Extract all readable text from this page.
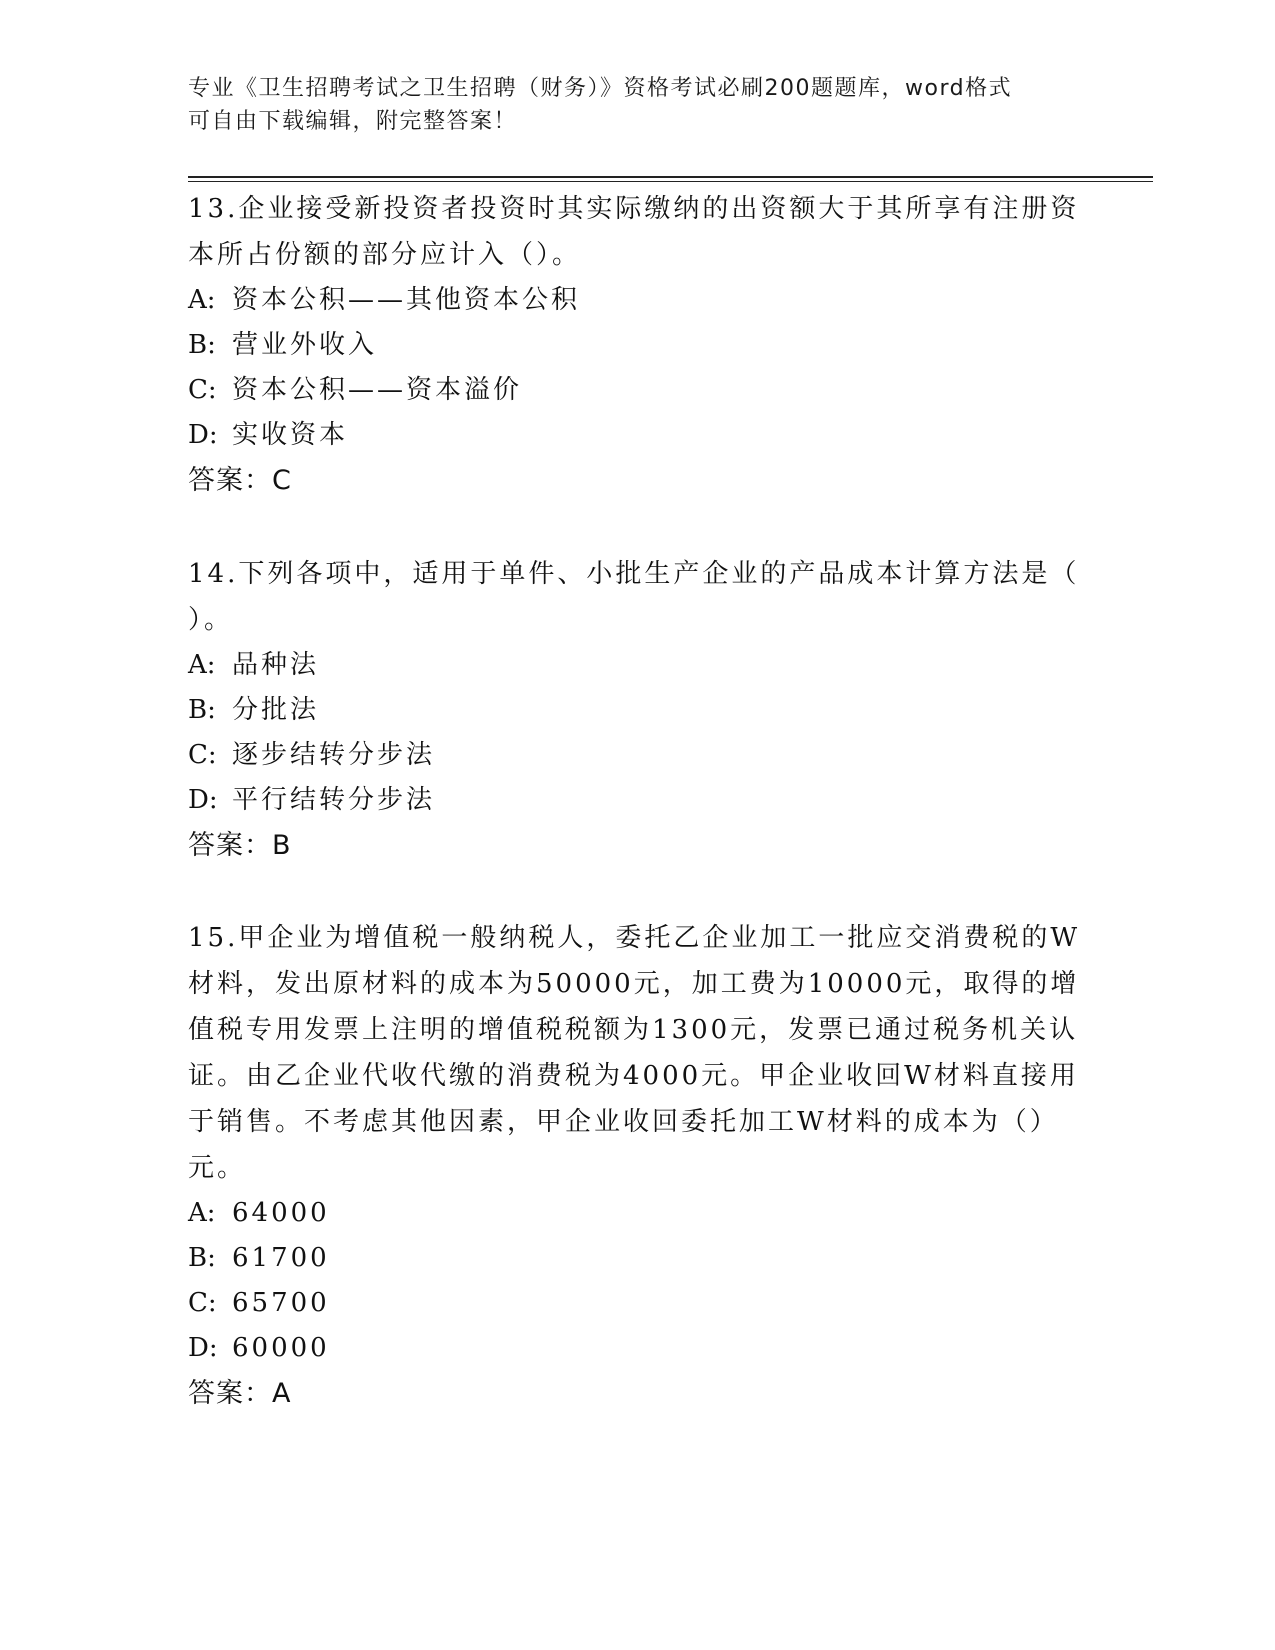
专业《卫生招聘考试之卫生招聘（财务）》资格考试必刷200题题库，word格式
可自由下载编辑，附完整答案！
13.企业接受新投资者投资时其实际缴纳的出资额大于其所享有注册资
本所占份额的部分应计入（）。
A: 资本公积——其他资本公积
B: 营业外收入
C: 资本公积——资本溢价
D: 实收资本
答案：C
14.下列各项中，适用于单件、小批生产企业的产品成本计算方法是（
）。
A: 品种法
B: 分批法
C: 逐步结转分步法
D: 平行结转分步法
答案：B
15.甲企业为增值税一般纳税人，委托乙企业加工一批应交消费税的W
材料，发出原材料的成本为50000元，加工费为10000元，取得的增
值税专用发票上注明的增值税税额为1300元，发票已通过税务机关认
证。由乙企业代收代缴的消费税为4000元。甲企业收回W材料直接用
于销售。不考虑其他因素，甲企业收回委托加工W材料的成本为（）
元。
A: 64000
B: 61700
C: 65700
D: 60000
答案：A
